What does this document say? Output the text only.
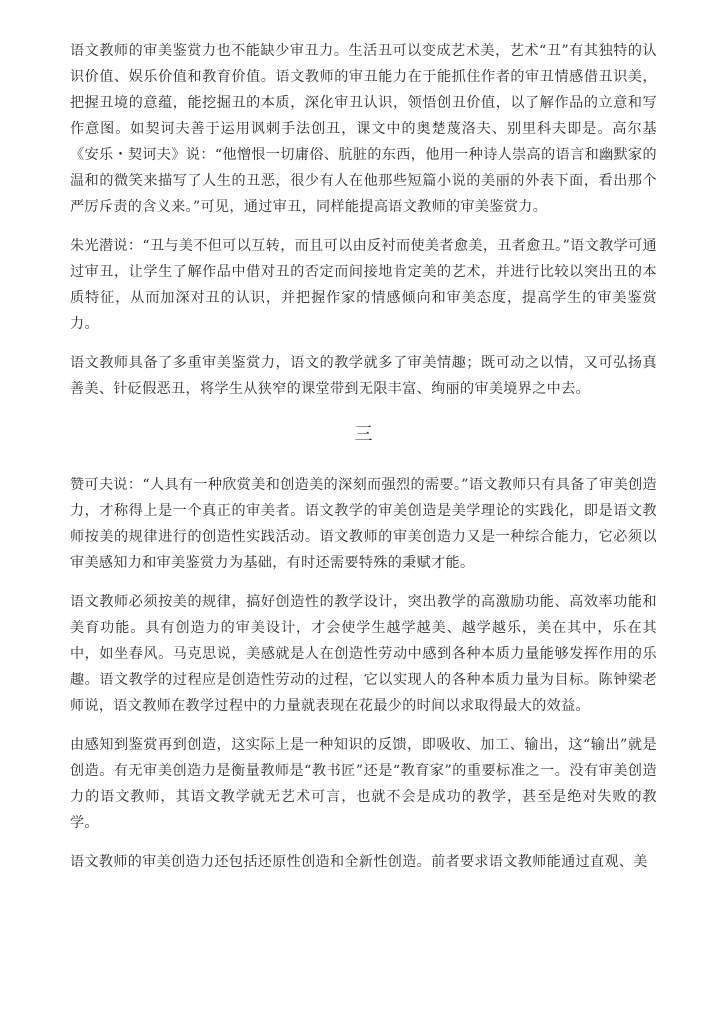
语文教师的审美鉴赏力也不能缺少审丑力。生活丑可以变成艺术美，艺术“丑”有其独特的认识价值、娱乐价值和教育价值。语文教师的审丑能力在于能抓住作者的审丑情感借丑识美，把握丑境的意蕴，能挖掘丑的本质，深化审丑认识，领悟创丑价值，以了解作品的立意和写作意图。如契诃夫善于运用讽刺手法创丑，课文中的奥楚蔑洛夫、别里科夫即是。高尔基《安乐・契诃夫》说：“他憎恨一切庸俗、肮脏的东西，他用一种诗人崇高的语言和幽默家的温和的微笑来描写了人生的丑恶，很少有人在他那些短篇小说的美丽的外表下面，看出那个严厉斥责的含义来。”可见，通过审丑，同样能提高语文教师的审美鉴赏力。

朱光潜说：“丑与美不但可以互转，而且可以由反衬而使美者愈美，丑者愈丑。”语文教学可通过审丑，让学生了解作品中借对丑的否定而间接地肯定美的艺术，并进行比较以突出丑的本质特征，从而加深对丑的认识，并把握作家的情感倾向和审美态度，提高学生的审美鉴赏力。

语文教师具备了多重审美鉴赏力，语文的教学就多了审美情趣；既可动之以情，又可弘扬真善美、针砭假恶丑，将学生从狭窄的课堂带到无限丰富、绚丽的审美境界之中去。

三

赞可夫说：“人具有一种欣赏美和创造美的深刻而强烈的需要。”语文教师只有具备了审美创造力，才称得上是一个真正的审美者。语文教学的审美创造是美学理论的实践化，即是语文教师按美的规律进行的创造性实践活动。语文教师的审美创造力又是一种综合能力，它必须以审美感知力和审美鉴赏力为基础，有时还需要特殊的秉赋才能。

语文教师必须按美的规律，搞好创造性的教学设计，突出教学的高激励功能、高效率功能和美育功能。具有创造力的审美设计，才会使学生越学越美、越学越乐，美在其中，乐在其中，如坐春风。马克思说，美感就是人在创造性劳动中感到各种本质力量能够发挥作用的乐趣。语文教学的过程应是创造性劳动的过程，它以实现人的各种本质力量为目标。陈钟梁老师说，语文教师在教学过程中的力量就表现在花最少的时间以求取得最大的效益。

由感知到鉴赏再到创造，这实际上是一种知识的反馈，即吸收、加工、输出，这“输出”就是创造。有无审美创造力是衡量教师是“教书匠”还是“教育家”的重要标准之一。没有审美创造力的语文教师，其语文教学就无艺术可言，也就不会是成功的教学，甚至是绝对失败的教学。

语文教师的审美创造力还包括还原性创造和全新性创造。前者要求语文教师能通过直观、美
